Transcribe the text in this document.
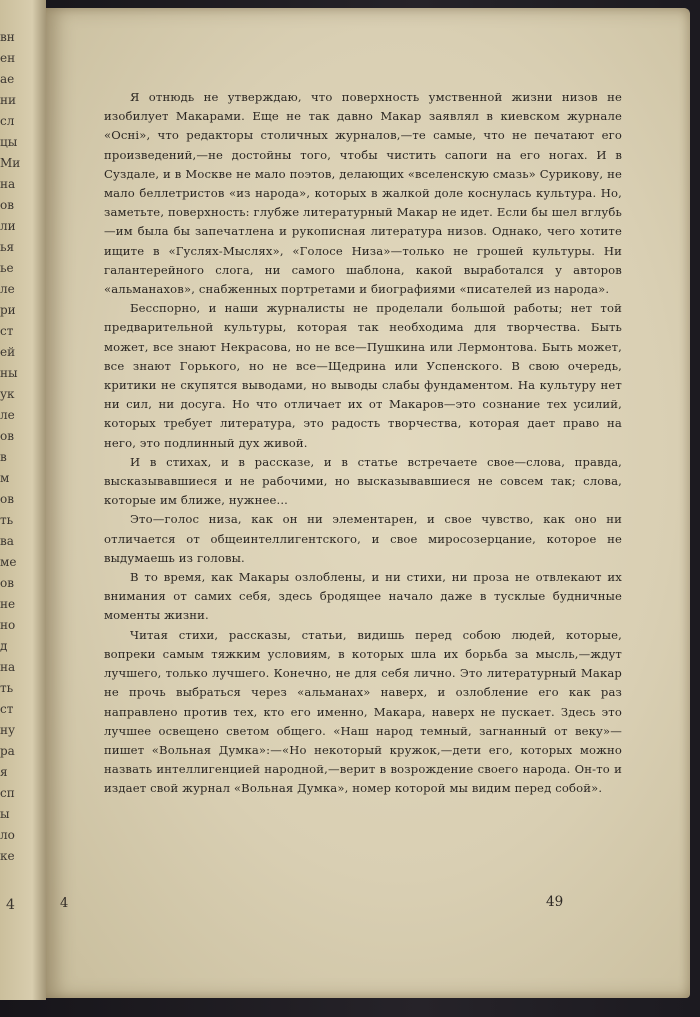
4
вн
ен
ае
ни
сл
цы
Ми
на
ов
ли
ья
ье
ле
ри
ст
ей
ны
ук
ле
ов
в
м
ов
ть
ва
ме
ов
не
но
д
на
ть
ст
ну
ра
я
сп
ы
ло
ке

Я отнюдь не утверждаю, что поверхность умственной жизни низов не изобилует Макарами. Еще не так давно Макар заявлял в киевском журнале «Оснi», что редакторы столичных журналов,—те самые, что не печатают его произведений,—не достойны того, чтобы чистить сапоги на его ногах. И в Суздале, и в Москве не мало поэтов, делающих «вселенскую смазь» Сурикову, не мало беллетристов «из народа», которых в жалкой доле коснулась культура. Но, заметьте, поверхность: глубже литературный Макар не идет. Если бы шел вглубь—им была бы запечатлена и рукописная литература низов. Однако, чего хотите ищите в «Гуслях-Мыслях», «Голосе Низа»—только не грошей культуры. Ни галантерейного слога, ни самого шаблона, какой выработался у авторов «альманахов», снабженных портретами и биографиями «писателей из народа».

Бесспорно, и наши журналисты не проделали большой работы; нет той предварительной культуры, которая так необходима для творчества. Быть может, все знают Некрасова, но не все—Пушкина или Лермонтова. Быть может, все знают Горького, но не все—Щедрина или Успенского. В свою очередь, критики не скупятся выводами, но выводы слабы фундаментом. На культуру нет ни сил, ни досуга. Но что отличает их от Макаров—это сознание тех усилий, которых требует литература, это радость творчества, которая дает право на него, это подлинный дух живой.

И в стихах, и в рассказе, и в статье встречаете свое—слова, правда, высказывавшиеся и не рабочими, но высказывавшиеся не совсем так; слова, которые им ближе, нужнее...

Это—голос низа, как он ни элементарен, и свое чувство, как оно ни отличается от общеинтеллигентского, и свое миросозерцание, которое не выдумаешь из головы.

В то время, как Макары озлоблены, и ни стихи, ни проза не отвлекают их внимания от самих себя, здесь бродящее начало даже в тусклые будничные моменты жизни.

Читая стихи, рассказы, статьи, видишь перед собою людей, которые, вопреки самым тяжким условиям, в которых шла их борьба за мысль,—ждут лучшего, только лучшего. Конечно, не для себя лично. Это литературный Макар не прочь выбраться через «альманах» наверх, и озлобление его как раз направлено против тех, кто его именно, Макара, наверх не пускает. Здесь это лучшее освещено светом общего. «Наш народ темный, загнанный от веку»—пишет «Вольная Думка»:—«Но некоторый кружок,—дети его, которых можно назвать интеллигенцией народной,—верит в возрождение своего народа. Он-то и издает свой журнал «Вольная Думка», номер которой мы видим перед собой».

4	49
